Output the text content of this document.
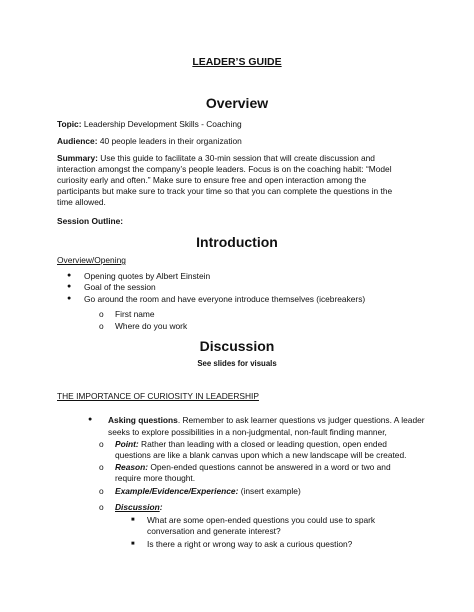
LEADER’S GUIDE
Overview
Topic: Leadership Development Skills - Coaching
Audience: 40 people leaders in their organization
Summary: Use this guide to facilitate a 30-min session that will create discussion and
interaction amongst the company’s people leaders. Focus is on the coaching habit: “Model
curiosity early and often.” Make sure to ensure free and open interaction among the
participants but make sure to track your time so that you can complete the questions in the
time allowed.
Session Outline:
Introduction
Overview/Opening
● Opening quotes by Albert Einstein
● Goal of the session
● Go around the room and have everyone introduce themselves (icebreakers)
o First name
o Where do you work
Discussion
See slides for visuals
THE IMPORTANCE OF CURIOSITY IN LEADERSHIP
● Asking questions. Remember to ask learner questions vs judger questions. A leader
seeks to explore possibilities in a non-judgmental, non-fault finding manner,
o Point: Rather than leading with a closed or leading question, open ended
questions are like a blank canvas upon which a new landscape will be created.
o Reason: Open-ended questions cannot be answered in a word or two and
require more thought.
o Example/Evidence/Experience: (insert example)
o Discussion:
■ What are some open-ended questions you could use to spark
conversation and generate interest?
■ Is there a right or wrong way to ask a curious question?
